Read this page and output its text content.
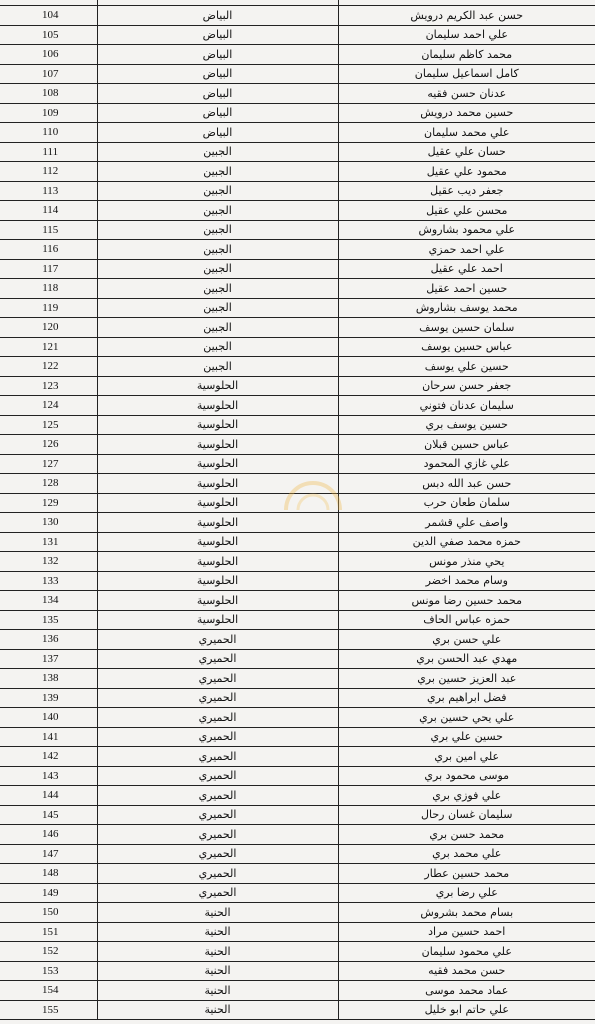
104	البياض	حسن عبد الكريم درويش
105	البياض	علي احمد سليمان
106	البياض	محمد كاظم سليمان
107	البياض	كامل اسماعيل سليمان
108	البياض	عدنان حسن فقيه
109	البياض	حسين محمد درويش
110	البياض	علي محمد سليمان
111	الجبين	حسان علي عقيل
112	الجبين	محمود علي عقيل
113	الجبين	جعفر ديب عقيل
114	الجبين	محسن علي عقيل
115	الجبين	علي محمود بشاروش
116	الجبين	علي احمد حمزي
117	الجبين	احمد علي عقيل
118	الجبين	حسين احمد عقيل
119	الجبين	محمد يوسف بشاروش
120	الجبين	سلمان حسين يوسف
121	الجبين	عباس حسين يوسف
122	الجبين	حسين علي يوسف
123	الحلوسية	جعفر حسن سرحان
124	الحلوسية	سليمان عدنان فتوني
125	الحلوسية	حسين يوسف بري
126	الحلوسية	عباس حسين قبلان
127	الحلوسية	علي غازي المحمود
128	الحلوسية	حسن عبد الله دبس
129	الحلوسية	سلمان طعان حرب
130	الحلوسية	واصف علي قشمر
131	الحلوسية	حمزه محمد صفي الدين
132	الحلوسية	يحي منذر مونس
133	الحلوسية	وسام محمد اخضر
134	الحلوسية	محمد حسين رضا مونس
135	الحلوسية	حمزه عباس الحاف
136	الحميري	علي حسن بري
137	الحميري	مهدي عبد الحسن بري
138	الحميري	عبد العزيز حسين بري
139	الحميري	فضل ابراهيم بري
140	الحميري	علي يحي حسين بري
141	الحميري	حسين علي بري
142	الحميري	علي امين بري
143	الحميري	موسى محمود بري
144	الحميري	علي فوزي بري
145	الحميري	سليمان غسان رحال
146	الحميري	محمد حسن بري
147	الحميري	علي محمد بري
148	الحميري	محمد حسين عطار
149	الحميري	علي رضا بري
150	الحنية	بسام محمد بشروش
151	الحنية	احمد حسين مراد
152	الحنية	علي محمود سليمان
153	الحنية	حسن محمد فقيه
154	الحنية	عماد محمد موسى
155	الحنية	علي حاتم ابو خليل
